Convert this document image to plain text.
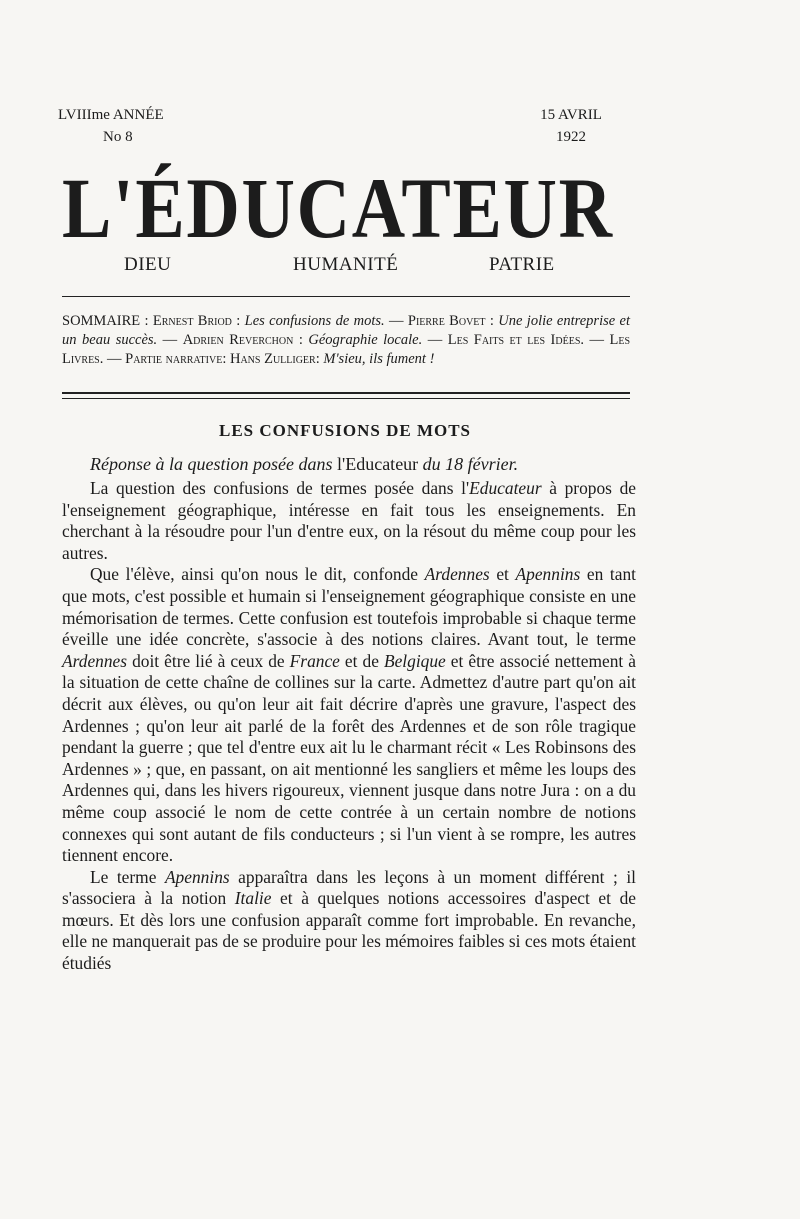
LVIIIme ANNÉE
No 8
15 AVRIL
1922
L'ÉDUCATEUR
DIEU	HUMANITÉ	PATRIE
SOMMAIRE : Ernest Briod : Les confusions de mots. — Pierre Bovet : Une jolie entreprise et un beau succès. — Adrien Reverchon : Géographie locale. — Les Faits et les Idées. — Les Livres. — Partie narrative: Hans Zulliger: M'sieu, ils fument !
LES CONFUSIONS DE MOTS
Réponse à la question posée dans l'Educateur du 18 février.

La question des confusions de termes posée dans l'Educateur à propos de l'enseignement géographique, intéresse en fait tous les enseignements. En cherchant à la résoudre pour l'un d'entre eux, on la résout du même coup pour les autres.

Que l'élève, ainsi qu'on nous le dit, confonde Ardennes et Apennins en tant que mots, c'est possible et humain si l'enseignement géographique consiste en une mémorisation de termes. Cette confusion est toutefois improbable si chaque terme éveille une idée concrète, s'associe à des notions claires. Avant tout, le terme Ardennes doit être lié à ceux de France et de Belgique et être associé nettement à la situation de cette chaîne de collines sur la carte. Admettez d'autre part qu'on ait décrit aux élèves, ou qu'on leur ait fait décrire d'après une gravure, l'aspect des Ardennes ; qu'on leur ait parlé de la forêt des Ardennes et de son rôle tragique pendant la guerre ; que tel d'entre eux ait lu le charmant récit « Les Robinsons des Ardennes » ; que, en passant, on ait mentionné les sangliers et même les loups des Ardennes qui, dans les hivers rigoureux, viennent jusque dans notre Jura : on a du même coup associé le nom de cette contrée à un certain nombre de notions connexes qui sont autant de fils conducteurs ; si l'un vient à se rompre, les autres tiennent encore.

Le terme Apennins apparaîtra dans les leçons à un moment différent ; il s'associera à la notion Italie et à quelques notions accessoires d'aspect et de mœurs. Et dès lors une confusion apparaît comme fort improbable. En revanche, elle ne manquerait pas de se produire pour les mémoires faibles si ces mots étaient étudiés
